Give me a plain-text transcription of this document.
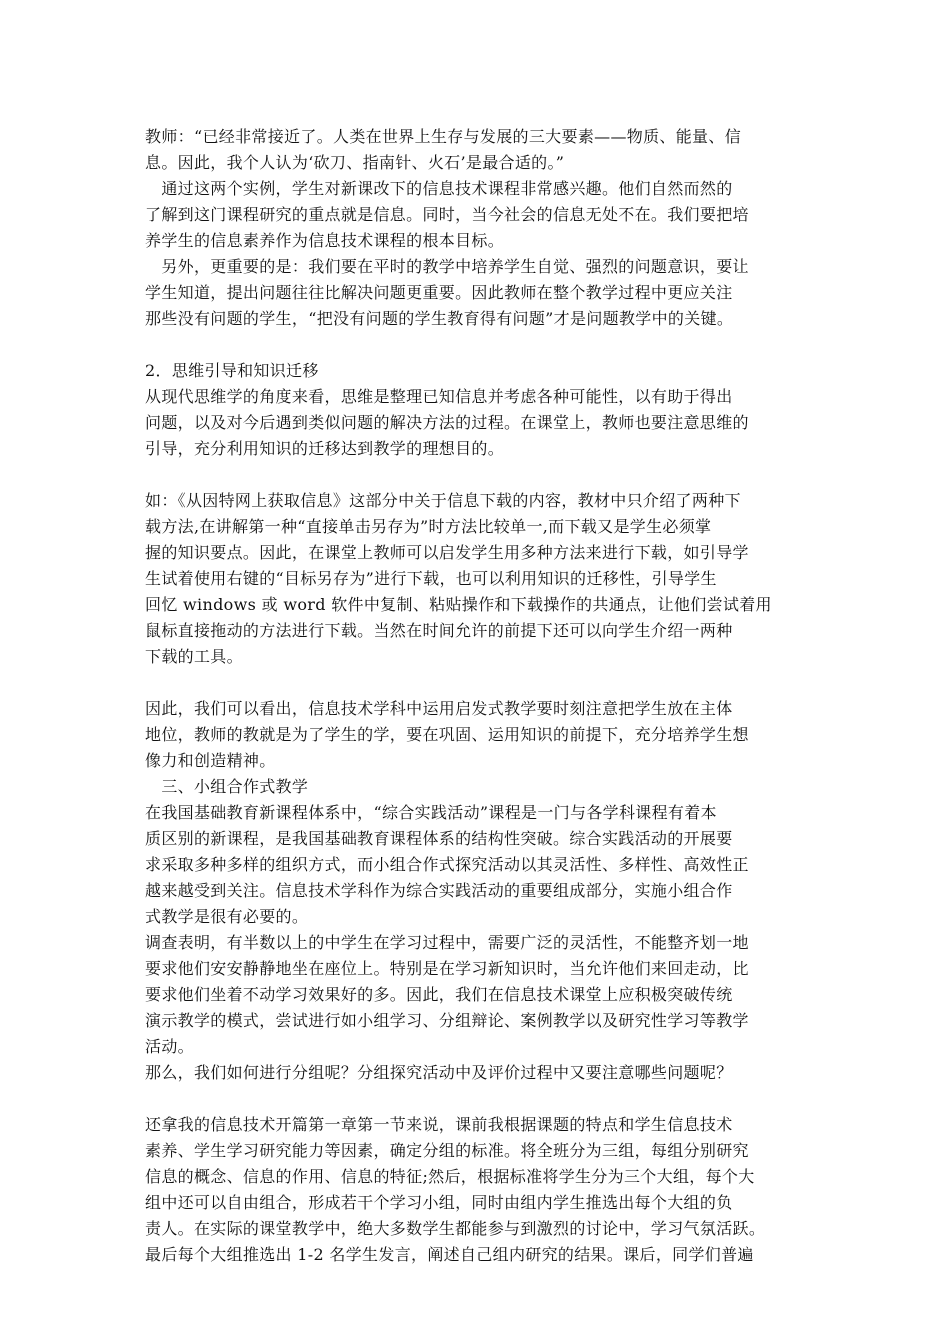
教师：“已经非常接近了。人类在世界上生存与发展的三大要素——物质、能量、信
息。因此，我个人认为‘砍刀、指南针、火石’是最合适的。”
　通过这两个实例，学生对新课改下的信息技术课程非常感兴趣。他们自然而然的
了解到这门课程研究的重点就是信息。同时，当今社会的信息无处不在。我们要把培
养学生的信息素养作为信息技术课程的根本目标。
　另外，更重要的是：我们要在平时的教学中培养学生自觉、强烈的问题意识，要让
学生知道，提出问题往往比解决问题更重要。因此教师在整个教学过程中更应关注
那些没有问题的学生，“把没有问题的学生教育得有问题”才是问题教学中的关键。
2．思维引导和知识迁移
从现代思维学的角度来看，思维是整理已知信息并考虑各种可能性，以有助于得出
问题，以及对今后遇到类似问题的解决方法的过程。在课堂上，教师也要注意思维的
引导，充分利用知识的迁移达到教学的理想目的。
如：《从因特网上获取信息》这部分中关于信息下载的内容，教材中只介绍了两种下
载方法,在讲解第一种“直接单击另存为”时方法比较单一,而下载又是学生必须掌
握的知识要点。因此，在课堂上教师可以启发学生用多种方法来进行下载，如引导学
生试着使用右键的“目标另存为”进行下载，也可以利用知识的迁移性，引导学生
回忆 windows 或 word 软件中复制、粘贴操作和下载操作的共通点，让他们尝试着用
鼠标直接拖动的方法进行下载。当然在时间允许的前提下还可以向学生介绍一两种
下载的工具。
因此，我们可以看出，信息技术学科中运用启发式教学要时刻注意把学生放在主体
地位，教师的教就是为了学生的学，要在巩固、运用知识的前提下，充分培养学生想
像力和创造精神。
　三、小组合作式教学
在我国基础教育新课程体系中，“综合实践活动”课程是一门与各学科课程有着本
质区别的新课程，是我国基础教育课程体系的结构性突破。综合实践活动的开展要
求采取多种多样的组织方式，而小组合作式探究活动以其灵活性、多样性、高效性正
越来越受到关注。信息技术学科作为综合实践活动的重要组成部分，实施小组合作
式教学是很有必要的。
调查表明，有半数以上的中学生在学习过程中，需要广泛的灵活性，不能整齐划一地
要求他们安安静静地坐在座位上。特别是在学习新知识时，当允许他们来回走动，比
要求他们坐着不动学习效果好的多。因此，我们在信息技术课堂上应积极突破传统
演示教学的模式，尝试进行如小组学习、分组辩论、案例教学以及研究性学习等教学
活动。
那么，我们如何进行分组呢？分组探究活动中及评价过程中又要注意哪些问题呢？
还拿我的信息技术开篇第一章第一节来说，课前我根据课题的特点和学生信息技术
素养、学生学习研究能力等因素，确定分组的标准。将全班分为三组，每组分别研究
信息的概念、信息的作用、信息的特征;然后，根据标准将学生分为三个大组，每个大
组中还可以自由组合，形成若干个学习小组，同时由组内学生推选出每个大组的负
责人。在实际的课堂教学中，绝大多数学生都能参与到激烈的讨论中，学习气氛活跃。
最后每个大组推选出 1-2 名学生发言，阐述自己组内研究的结果。课后，同学们普遍
